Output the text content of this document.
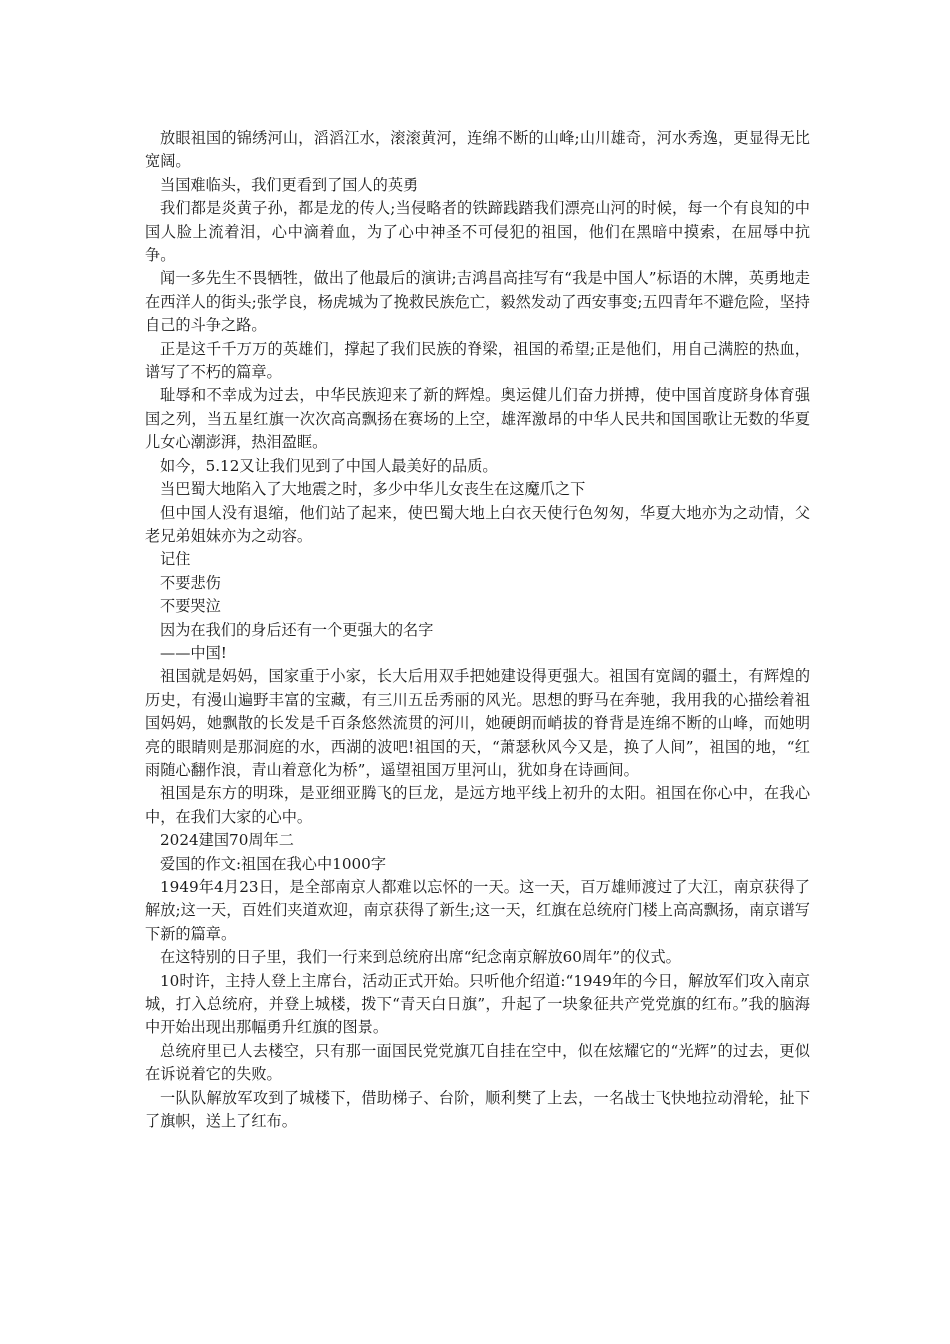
放眼祖国的锦绣河山，滔滔江水，滚滚黄河，连绵不断的山峰;山川雄奇，河水秀逸，更显得无比宽阔。

当国难临头，我们更看到了国人的英勇

我们都是炎黄子孙，都是龙的传人;当侵略者的铁蹄践踏我们漂亮山河的时候，每一个有良知的中国人脸上流着泪，心中滴着血，为了心中神圣不可侵犯的祖国，他们在黑暗中摸索，在屈辱中抗争。

闻一多先生不畏牺牲，做出了他最后的演讲;吉鸿昌高挂写有“我是中国人”标语的木牌，英勇地走在西洋人的街头;张学良，杨虎城为了挽救民族危亡，毅然发动了西安事变;五四青年不避危险，坚持自己的斗争之路。

正是这千千万万的英雄们，撑起了我们民族的脊梁，祖国的希望;正是他们，用自己满腔的热血，谱写了不朽的篇章。

耻辱和不幸成为过去，中华民族迎来了新的辉煌。奥运健儿们奋力拼搏，使中国首度跻身体育强国之列，当五星红旗一次次高高飘扬在赛场的上空，雄浑激昂的中华人民共和国国歌让无数的华夏儿女心潮澎湃，热泪盈眶。

如今，5.12又让我们见到了中国人最美好的品质。

当巴蜀大地陷入了大地震之时，多少中华儿女丧生在这魔爪之下

但中国人没有退缩，他们站了起来，使巴蜀大地上白衣天使行色匆匆，华夏大地亦为之动情，父老兄弟姐妹亦为之动容。

记住

不要悲伤

不要哭泣

因为在我们的身后还有一个更强大的名字

——中国!

祖国就是妈妈，国家重于小家，长大后用双手把她建设得更强大。祖国有宽阔的疆土，有辉煌的历史，有漫山遍野丰富的宝藏，有三川五岳秀丽的风光。思想的野马在奔驰，我用我的心描绘着祖国妈妈，她飘散的长发是千百条悠然流贯的河川，她硬朗而峭拔的脊背是连绵不断的山峰，而她明亮的眼睛则是那洞庭的水，西湖的波吧!祖国的天，“萧瑟秋风今又是，换了人间”，祖国的地，“红雨随心翻作浪，青山着意化为桥”，遥望祖国万里河山，犹如身在诗画间。

祖国是东方的明珠，是亚细亚腾飞的巨龙，是远方地平线上初升的太阳。祖国在你心中，在我心中，在我们大家的心中。

2024建国70周年二

爱国的作文:祖国在我心中1000字

1949年4月23日，是全部南京人都难以忘怀的一天。这一天，百万雄师渡过了大江，南京获得了解放;这一天，百姓们夹道欢迎，南京获得了新生;这一天，红旗在总统府门楼上高高飘扬，南京谱写下新的篇章。

在这特别的日子里，我们一行来到总统府出席“纪念南京解放60周年”的仪式。

10时许，主持人登上主席台，活动正式开始。只听他介绍道:“1949年的今日，解放军们攻入南京城，打入总统府，并登上城楼，拨下“青天白日旗”，升起了一块象征共产党党旗的红布。”我的脑海中开始出现出那幅勇升红旗的图景。

总统府里已人去楼空，只有那一面国民党党旗兀自挂在空中，似在炫耀它的“光辉”的过去，更似在诉说着它的失败。

一队队解放军攻到了城楼下，借助梯子、台阶，顺利樊了上去，一名战士飞快地拉动滑轮，扯下了旗帜，送上了红布。
